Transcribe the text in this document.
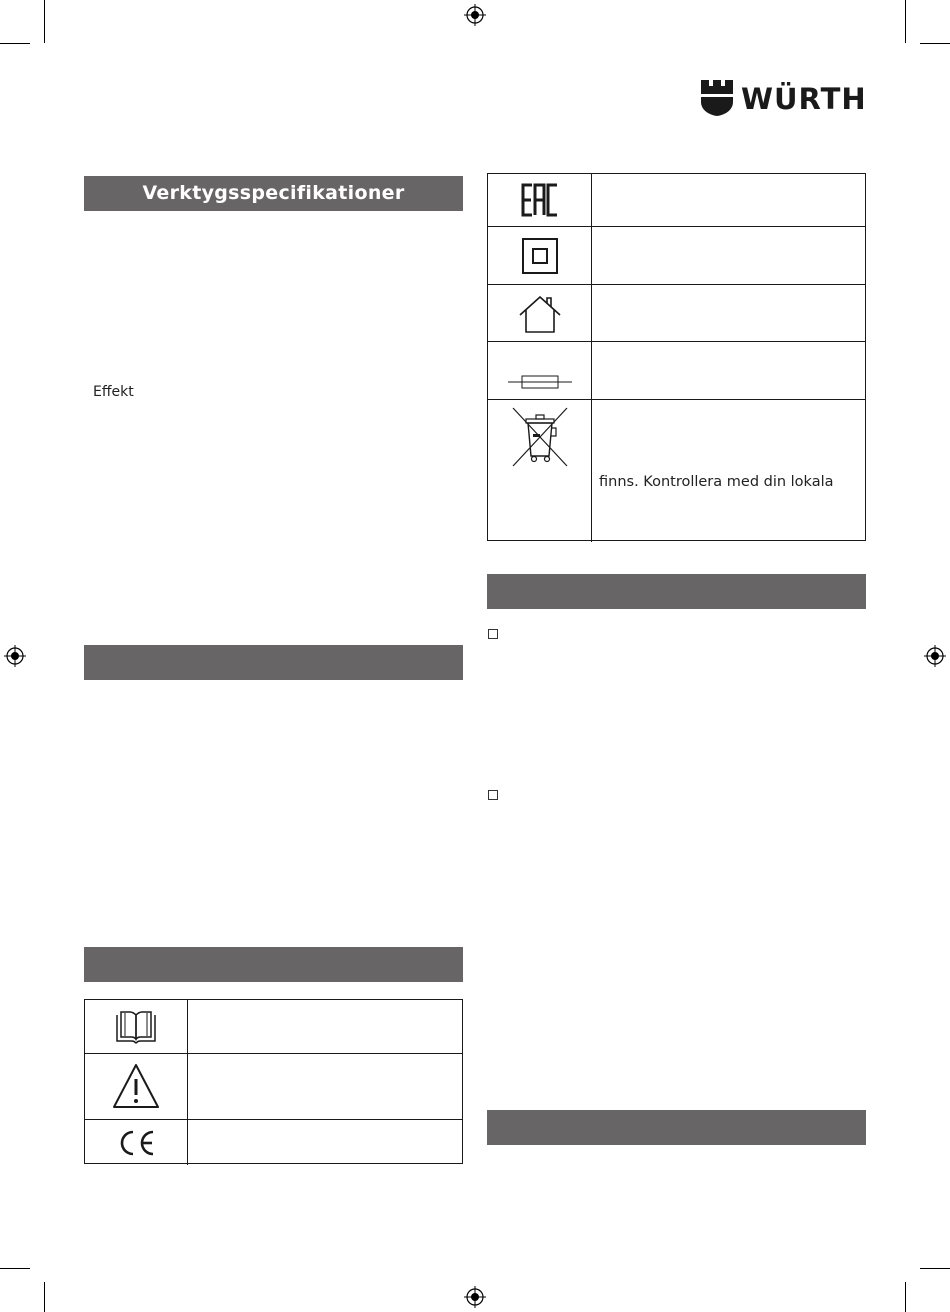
WÜRTH
Verktygsspecifikationer
Effekt
finns. Kontrollera med din lokala
